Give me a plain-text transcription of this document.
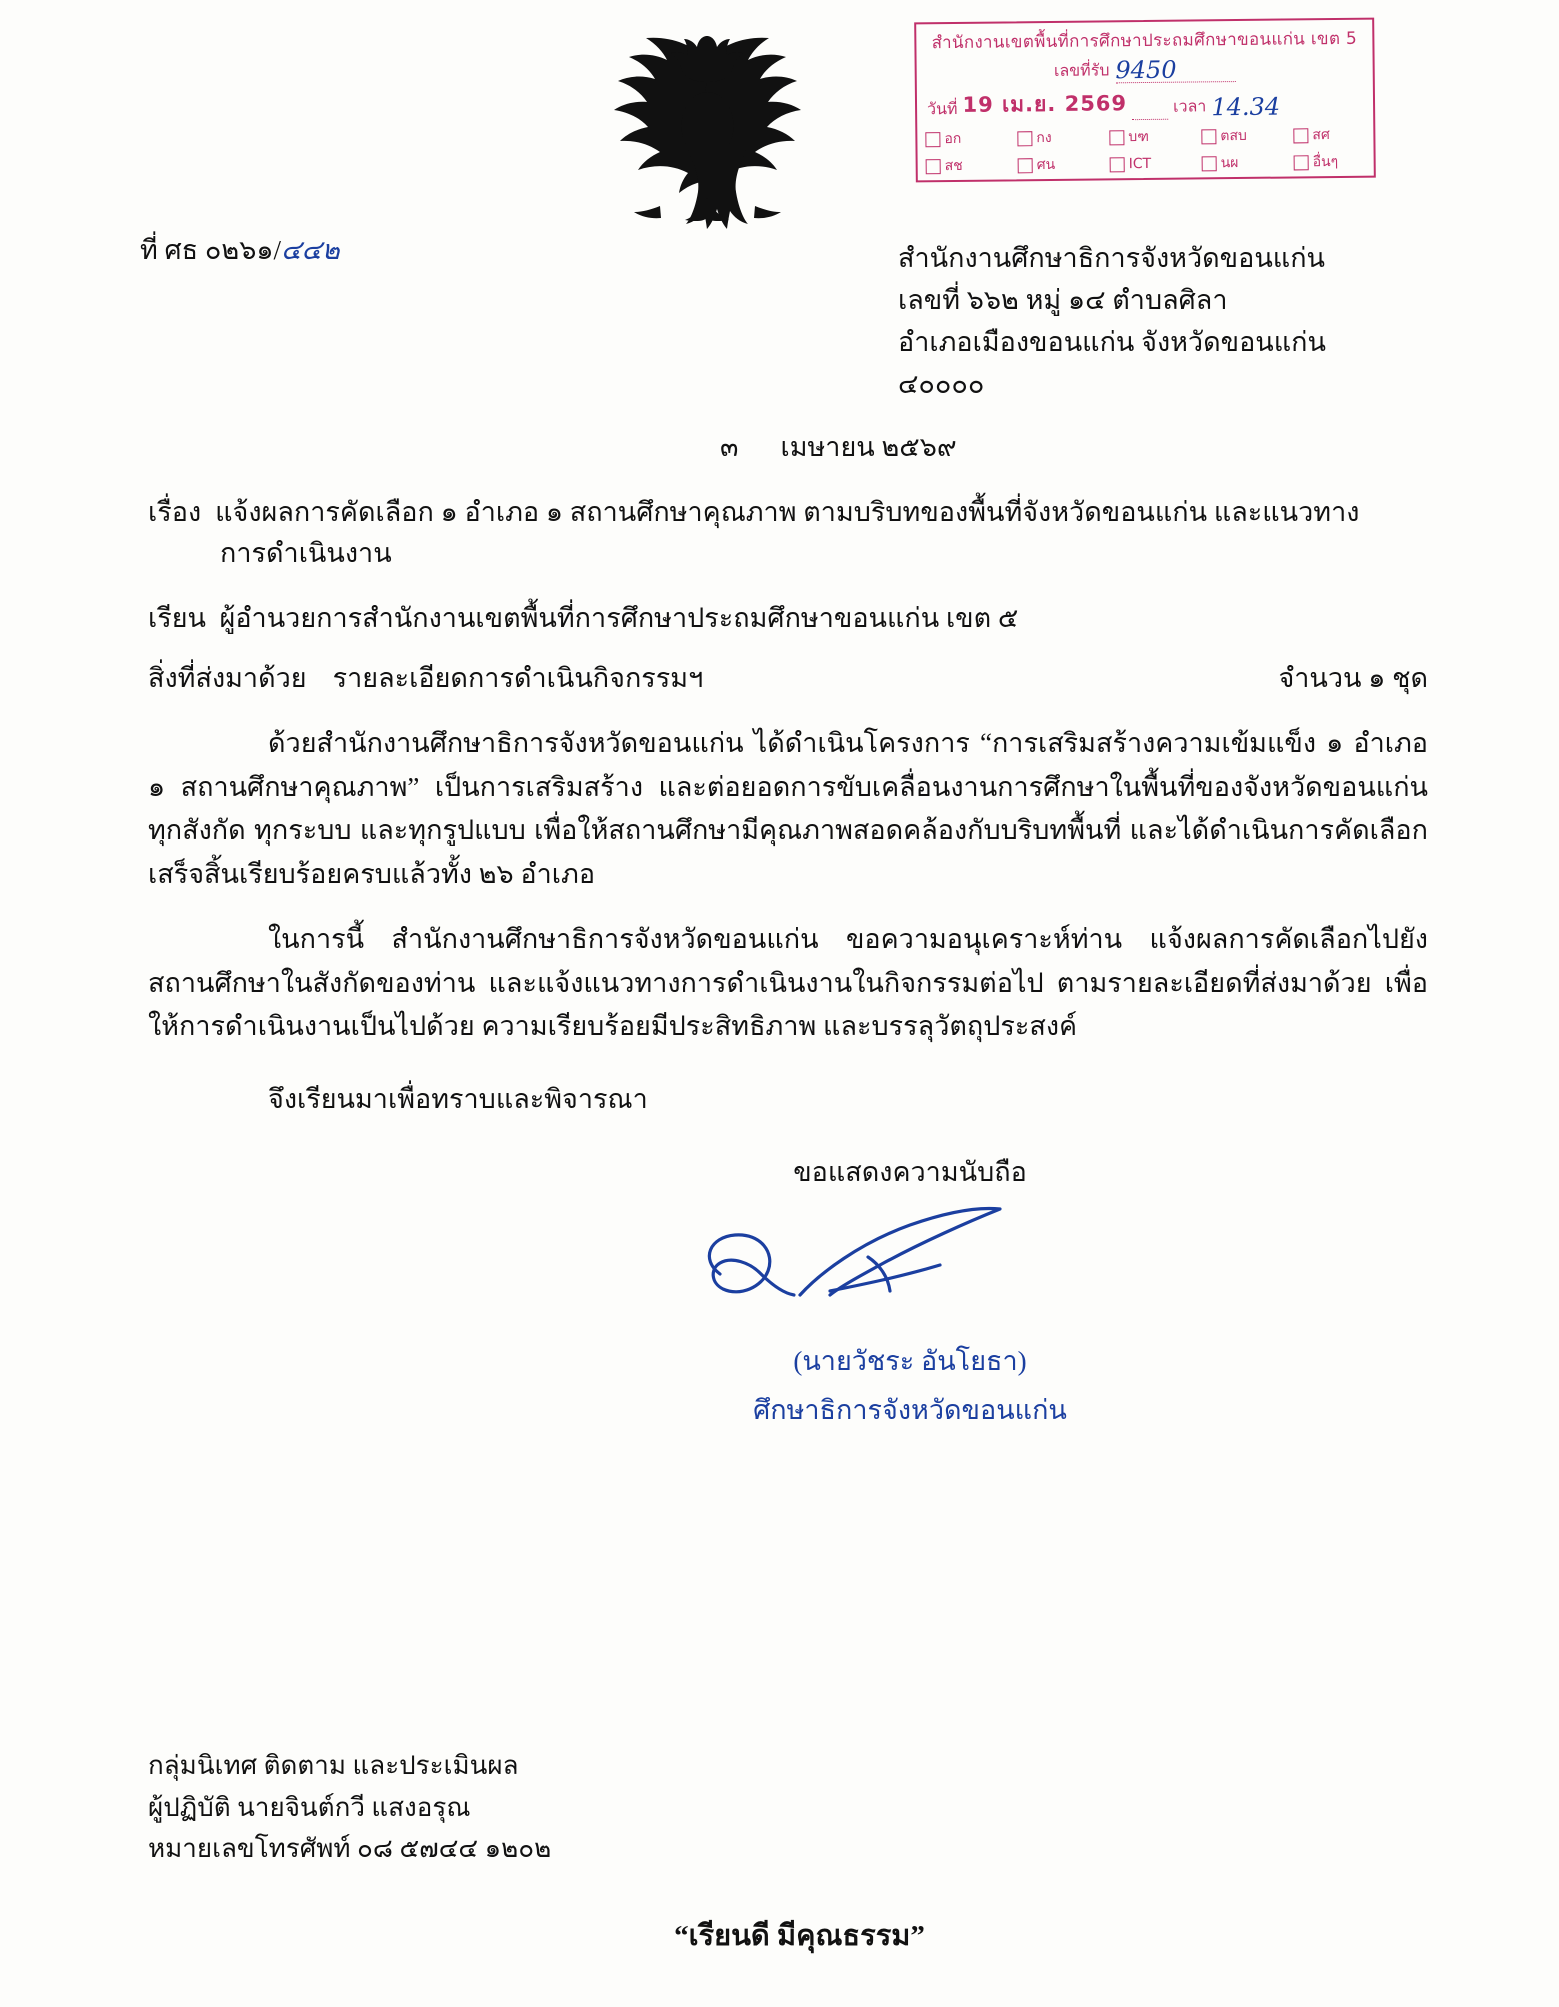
สำนักงานเขตพื้นที่การศึกษาประถมศึกษาขอนแก่น เขต 5
เลขที่รับ 9450
วันที่ 19 เม.ย. 2569	เวลา 14.34
อก	กง	บฑ	ตสบ	สศ
สช	ศน	ICT	นผ	อื่นๆ
ที่ ศธ ๐๒๖๑/๔๔๒	สำนักงานศึกษาธิการจังหวัดขอนแก่น
เลขที่ ๖๖๒ หมู่ ๑๔ ตำบลศิลา
อำเภอเมืองขอนแก่น จังหวัดขอนแก่น
๔๐๐๐๐
๓ เมษายน ๒๕๖๙
เรื่อง แจ้งผลการคัดเลือก ๑ อำเภอ ๑ สถานศึกษาคุณภาพ ตามบริบทของพื้นที่จังหวัดขอนแก่น และแนวทาง
การดำเนินงาน
เรียน ผู้อำนวยการสำนักงานเขตพื้นที่การศึกษาประถมศึกษาขอนแก่น เขต ๕
จำนวน ๑ ชุด
สิ่งที่ส่งมาด้วย รายละเอียดการดำเนินกิจกรรมฯ
ด้วยสำนักงานศึกษาธิการจังหวัดขอนแก่น ได้ดำเนินโครงการ “การเสริมสร้างความเข้มแข็ง ๑ อำเภอ ๑ สถานศึกษาคุณภาพ” เป็นการเสริมสร้าง และต่อยอดการขับเคลื่อนงานการศึกษาในพื้นที่ของจังหวัดขอนแก่นทุกสังกัด ทุกระบบ และทุกรูปแบบ เพื่อให้สถานศึกษามีคุณภาพสอดคล้องกับบริบทพื้นที่ และได้ดำเนินการคัดเลือกเสร็จสิ้นเรียบร้อยครบแล้วทั้ง ๒๖ อำเภอ
ในการนี้ สำนักงานศึกษาธิการจังหวัดขอนแก่น ขอความอนุเคราะห์ท่าน แจ้งผลการคัดเลือกไปยังสถานศึกษาในสังกัดของท่าน และแจ้งแนวทางการดำเนินงานในกิจกรรมต่อไป ตามรายละเอียดที่ส่งมาด้วย เพื่อให้การดำเนินงานเป็นไปด้วย ความเรียบร้อยมีประสิทธิภาพ และบรรลุวัตถุประสงค์
จึงเรียนมาเพื่อทราบและพิจารณา
ขอแสดงความนับถือ
(นายวัชระ อันโยธา)
ศึกษาธิการจังหวัดขอนแก่น
กลุ่มนิเทศ ติดตาม และประเมินผล
ผู้ปฏิบัติ นายจินต์กวี แสงอรุณ
หมายเลขโทรศัพท์ ๐๘ ๕๗๔๔ ๑๒๐๒
“เรียนดี มีคุณธรรม”
